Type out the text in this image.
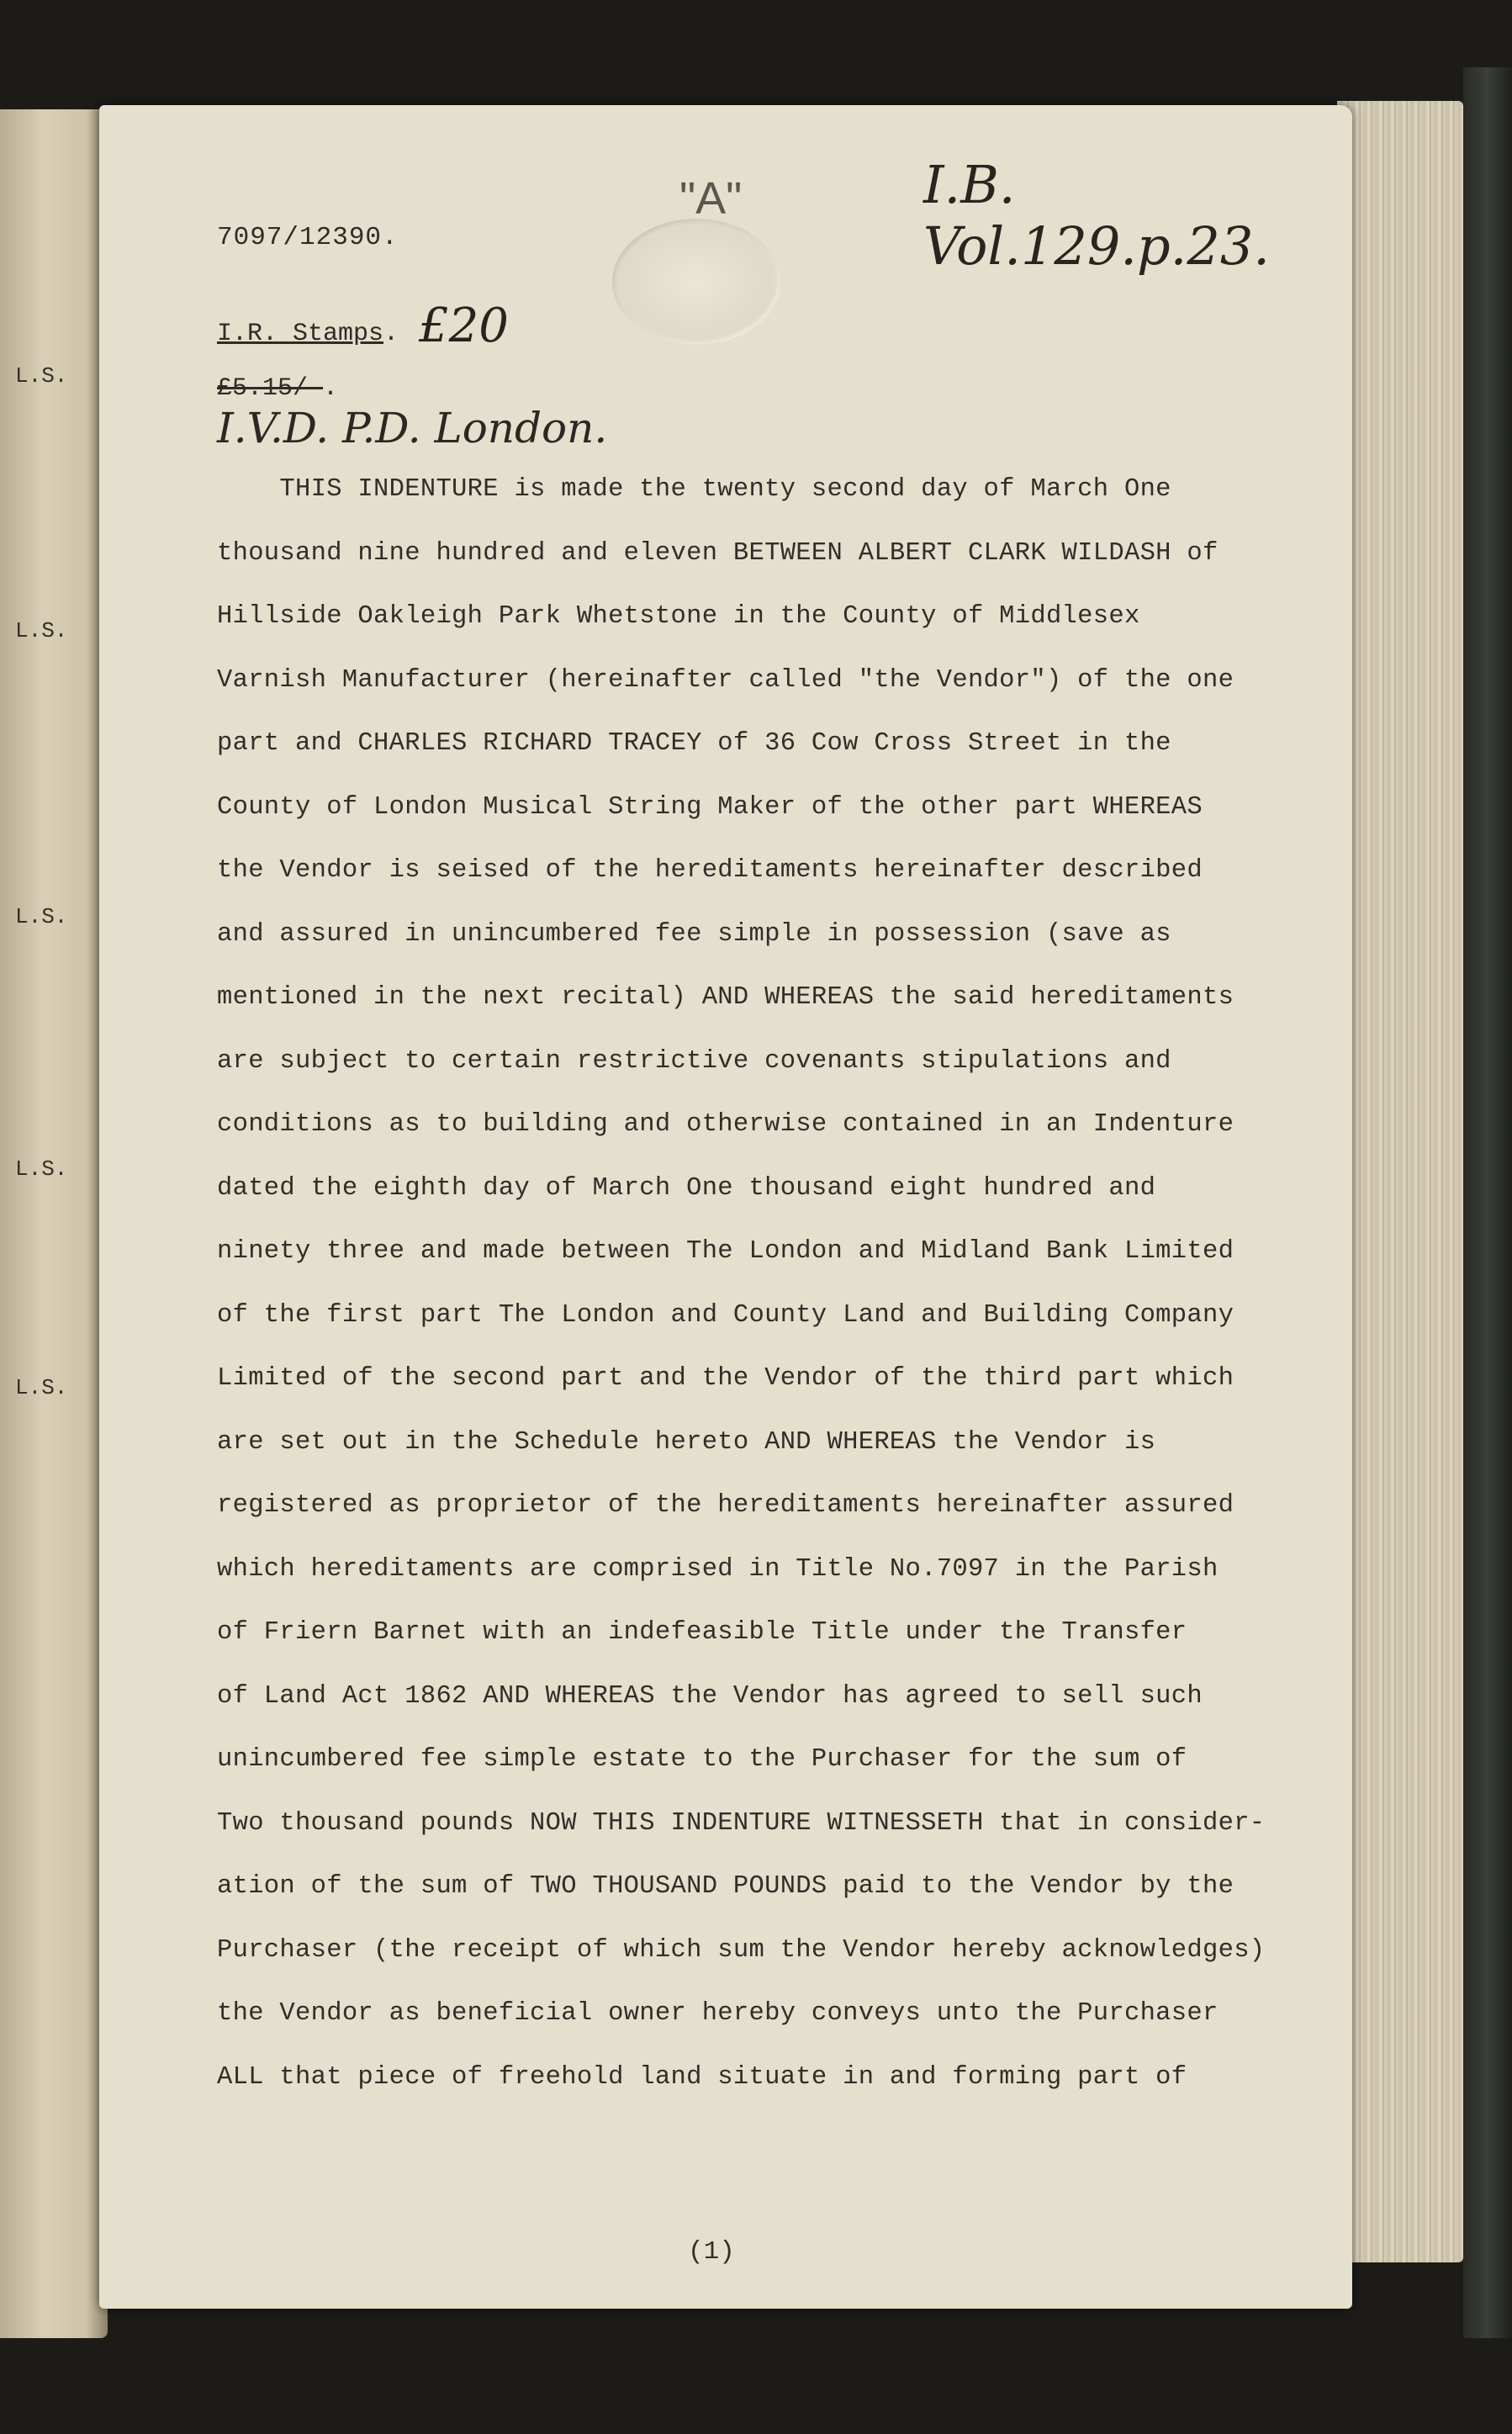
L.S.
L.S.
L.S.
L.S.
L.S.
7097/12390.
"A"	I.B. Vol.129.p.23.
I.R. Stamps. £20
£5.15/-.
I.V.D. P.D. London.
THIS INDENTURE is made the twenty second day of March One
thousand nine hundred and eleven BETWEEN ALBERT CLARK WILDASH of
Hillside Oakleigh Park Whetstone in the County of Middlesex
Varnish Manufacturer (hereinafter called "the Vendor") of the one
part and CHARLES RICHARD TRACEY of 36 Cow Cross Street in the
County of London Musical String Maker of the other part WHEREAS
the Vendor is seised of the hereditaments hereinafter described
and assured in unincumbered fee simple in possession (save as
mentioned in the next recital) AND WHEREAS the said hereditaments
are subject to certain restrictive covenants stipulations and
conditions as to building and otherwise contained in an Indenture
dated the eighth day of March One thousand eight hundred and
ninety three and made between The London and Midland Bank Limited
of the first part The London and County Land and Building Company
Limited of the second part and the Vendor of the third part which
are set out in the Schedule hereto AND WHEREAS the Vendor is
registered as proprietor of the hereditaments hereinafter assured
which hereditaments are comprised in Title No.7097 in the Parish
of Friern Barnet with an indefeasible Title under the Transfer
of Land Act 1862 AND WHEREAS the Vendor has agreed to sell such
unincumbered fee simple estate to the Purchaser for the sum of
Two thousand pounds NOW THIS INDENTURE WITNESSETH that in consider-
ation of the sum of TWO THOUSAND POUNDS paid to the Vendor by the
Purchaser (the receipt of which sum the Vendor hereby acknowledges)
the Vendor as beneficial owner hereby conveys unto the Purchaser
ALL that piece of freehold land situate in and forming part of
(1)
